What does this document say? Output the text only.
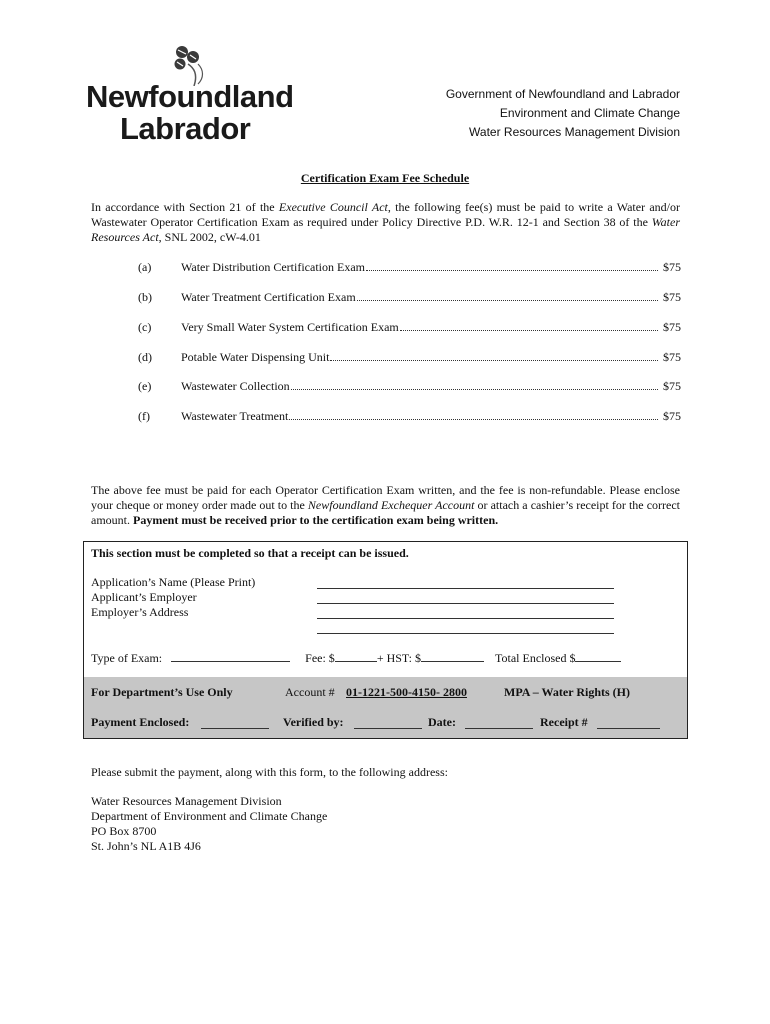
Newfoundland
Labrador
Government of Newfoundland and Labrador
Environment and Climate Change
Water Resources Management Division
Certification Exam Fee Schedule
In accordance with Section 21 of the Executive Council Act, the following fee(s) must be paid to write a Water and/or Wastewater Operator Certification Exam as required under Policy Directive P.D. W.R. 12-1 and Section 38 of the Water Resources Act, SNL 2002, cW-4.01
(a) Water Distribution Certification Exam	$75
(b) Water Treatment Certification Exam	$75
(c) Very Small Water System Certification Exam	$75
(d) Potable Water Dispensing Unit	$75
(e) Wastewater Collection	$75
(f)	Wastewater Treatment	$75
The above fee must be paid for each Operator Certification Exam written, and the fee is non-refundable. Please enclose your cheque or money order made out to the Newfoundland Exchequer Account or attach a cashier’s receipt for the correct amount. Payment must be received prior to the certification exam being written.
This section must be completed so that a receipt can be issued.
Application’s Name (Please Print)
Applicant’s Employer
Employer’s Address
Type of Exam:	Fee: $	+ HST: $	Total Enclosed $
For Department’s Use Only	Account # 01-1221-500-4150- 2800	MPA – Water Rights (H)
Payment Enclosed:	Verified by:	Date:	Receipt #
Please submit the payment, along with this form, to the following address:
Water Resources Management Division
Department of Environment and Climate Change
PO Box 8700
St. John’s NL A1B 4J6
